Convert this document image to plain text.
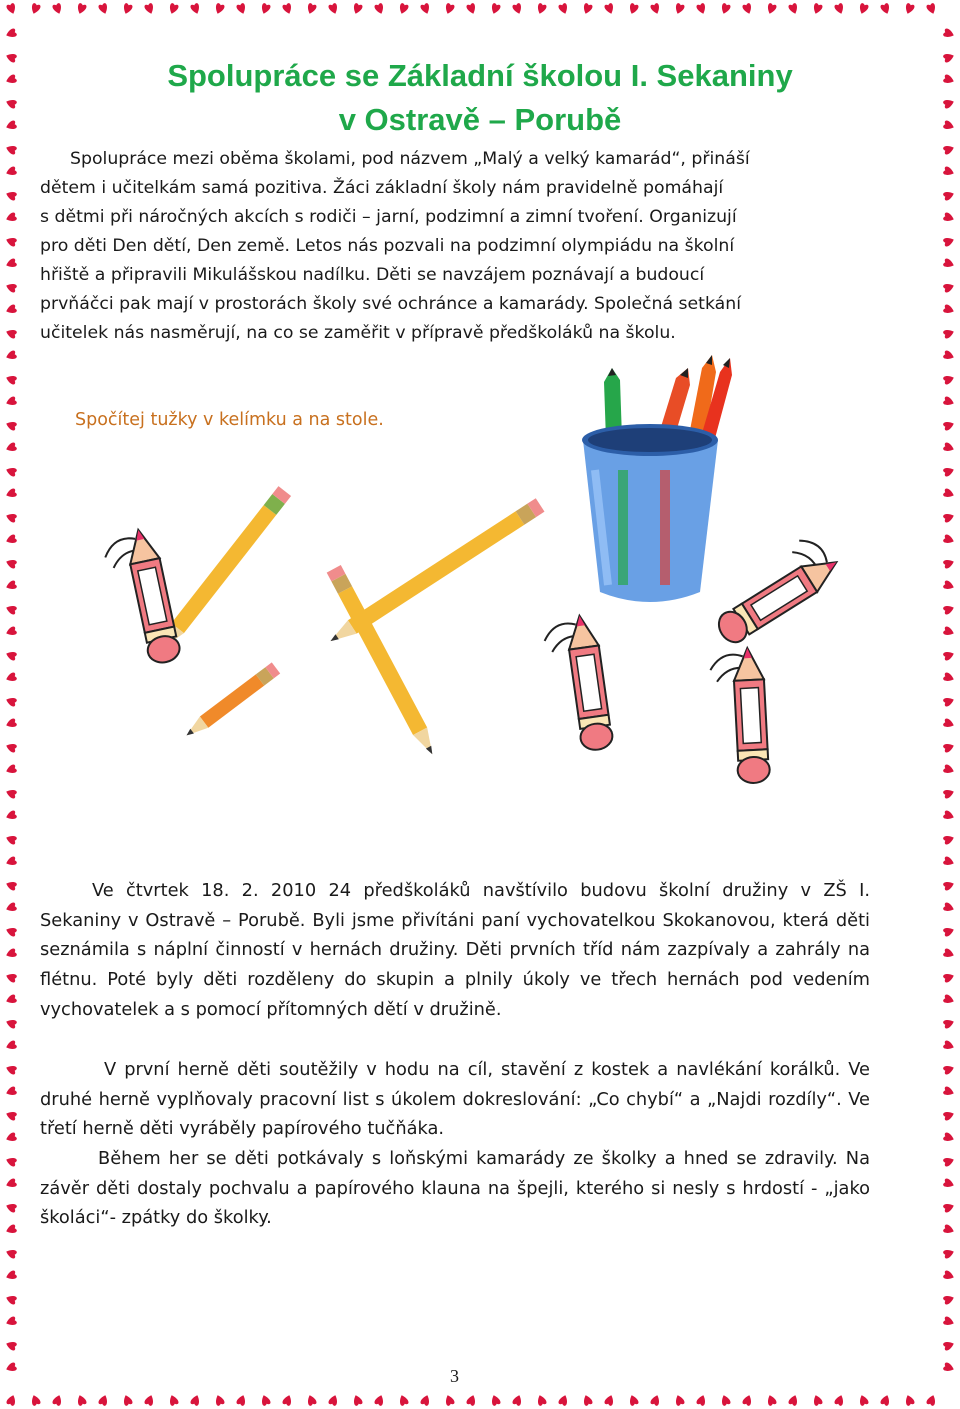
Spolupráce se Základní školou I. Sekaniny
v Ostravě – Porubě

Spolupráce mezi oběma školami, pod názvem „Malý a velký kamarád“, přináší

dětem i učitelkám samá pozitiva. Žáci základní školy nám pravidelně pomáhají

s dětmi při náročných akcích s rodiči – jarní, podzimní a zimní tvoření. Organizují

pro děti Den dětí, Den země. Letos nás pozvali na podzimní olympiádu na školní

hřiště a připravili Mikulášskou nadílku. Děti se navzájem poznávají a budoucí

prvňáčci pak mají v prostorách školy své ochránce a kamarády. Společná setkání

učitelek nás nasměrují, na co se zaměřit v přípravě předškoláků na školu.

Spočítej tužky v kelímku a na stole.

Ve čtvrtek 18. 2. 2010 24 předškoláků navštívilo budovu školní družiny v ZŠ I. Sekaniny v Ostravě – Porubě. Byli jsme přivítáni paní vychovatelkou Skokanovou, která děti seznámila s náplní činností v hernách družiny. Děti prvních tříd nám zazpívaly a zahrály na flétnu. Poté byly děti rozděleny do skupin a plnily úkoly ve třech hernách pod vedením vychovatelek a s pomocí přítomných dětí v družině.

V první herně děti soutěžily v hodu na cíl, stavění z kostek a navlékání korálků. Ve druhé herně vyplňovaly pracovní list s úkolem dokreslování: „Co chybí“ a „Najdi rozdíly“. Ve třetí herně děti vyráběly papírového tučňáka.

Během her se děti potkávaly s loňskými kamarády ze školky a hned se zdravily. Na závěr děti dostaly pochvalu a papírového klauna na špejli, kterého si nesly s hrdostí - „jako školáci“- zpátky do školky.

3
